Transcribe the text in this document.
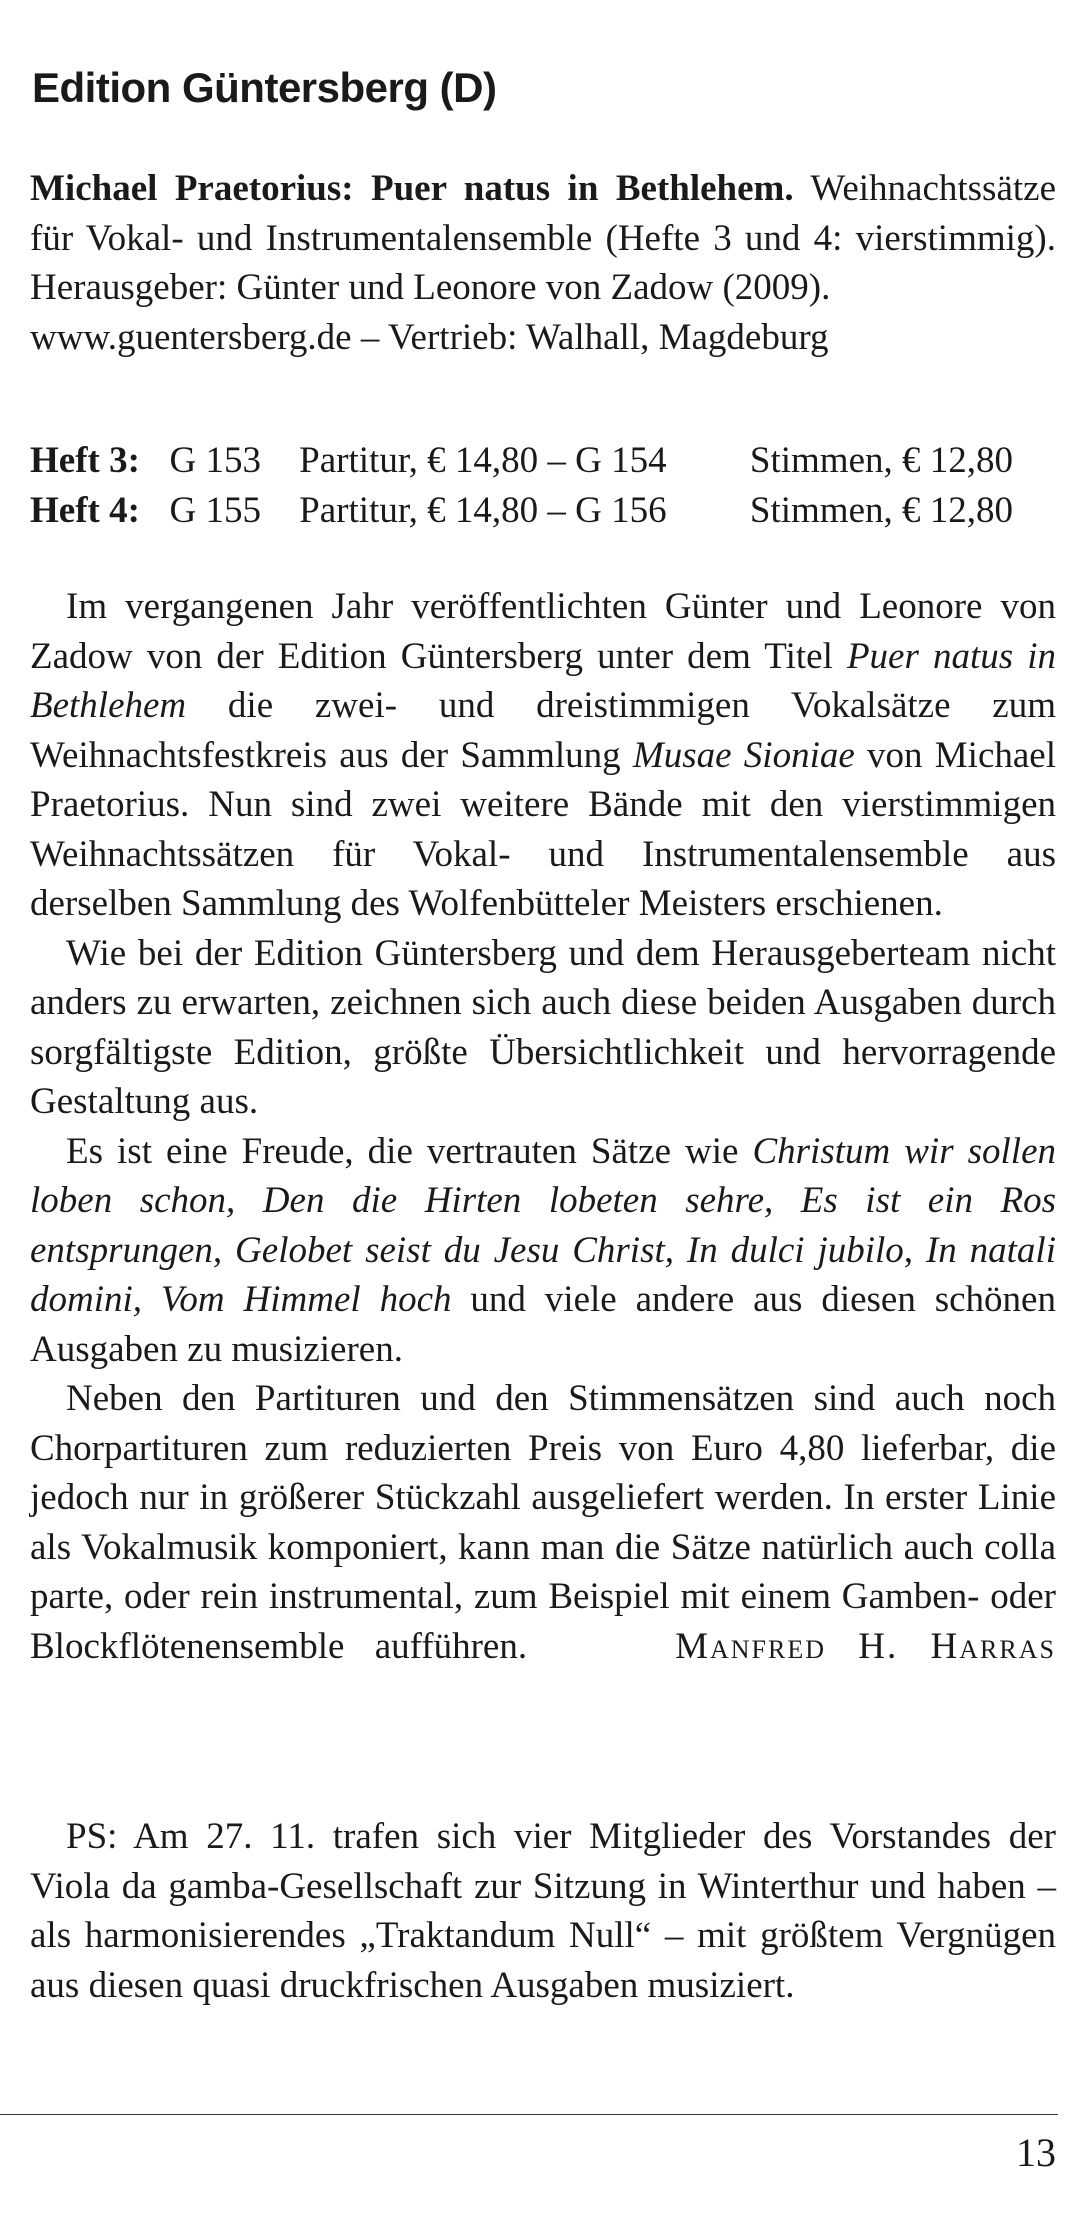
Edition Güntersberg (D)

Michael Praetorius: Puer natus in Bethlehem. Weihnachtssätze für Vokal- und Instrumentalensemble (Hefte 3 und 4: vierstimmig). Herausgeber: Günter und Leonore von Zadow (2009).

www.guentersberg.de – Vertrieb: Walhall, Magdeburg

Heft 3:	G 153	Partitur, € 14,80 – G 154	Stimmen, € 12,80
Heft 4:	G 155	Partitur, € 14,80 – G 156	Stimmen, € 12,80

Im vergangenen Jahr veröffentlichten Günter und Leonore von Zadow von der Edition Güntersberg unter dem Titel Puer natus in Bethlehem die zwei- und dreistimmigen Vokalsätze zum Weihnachtsfestkreis aus der Sammlung Musae Sioniae von Michael Praetorius. Nun sind zwei weitere Bände mit den vierstimmigen Weihnachtssätzen für Vokal- und Instrumentalensemble aus derselben Sammlung des Wolfenbütteler Meisters erschienen.

Wie bei der Edition Güntersberg und dem Herausgeberteam nicht anders zu erwarten, zeichnen sich auch diese beiden Ausgaben durch sorgfältigste Edition, größte Übersichtlichkeit und hervorragende Gestaltung aus.

Es ist eine Freude, die vertrauten Sätze wie Christum wir sollen loben schon, Den die Hirten lobeten sehre, Es ist ein Ros entsprungen, Gelobet seist du Jesu Christ, In dulci jubilo, In natali domini, Vom Himmel hoch und viele andere aus diesen schönen Ausgaben zu musizieren.

Neben den Partituren und den Stimmensätzen sind auch noch Chorpartituren zum reduzierten Preis von Euro 4,80 lieferbar, die jedoch nur in größerer Stückzahl ausgeliefert werden. In erster Linie als Vokalmusik komponiert, kann man die Sätze natürlich auch colla parte, oder rein instrumental, zum Beispiel mit einem Gamben- oder Blockflötenensemble aufführen.    	Manfred H. Harras

PS: Am 27. 11. trafen sich vier Mitglieder des Vorstandes der Viola da gamba-Gesellschaft zur Sitzung in Winterthur und haben – als harmonisierendes „Traktandum Null“ – mit größtem Vergnügen aus diesen quasi druckfrischen Ausgaben musiziert.

13
